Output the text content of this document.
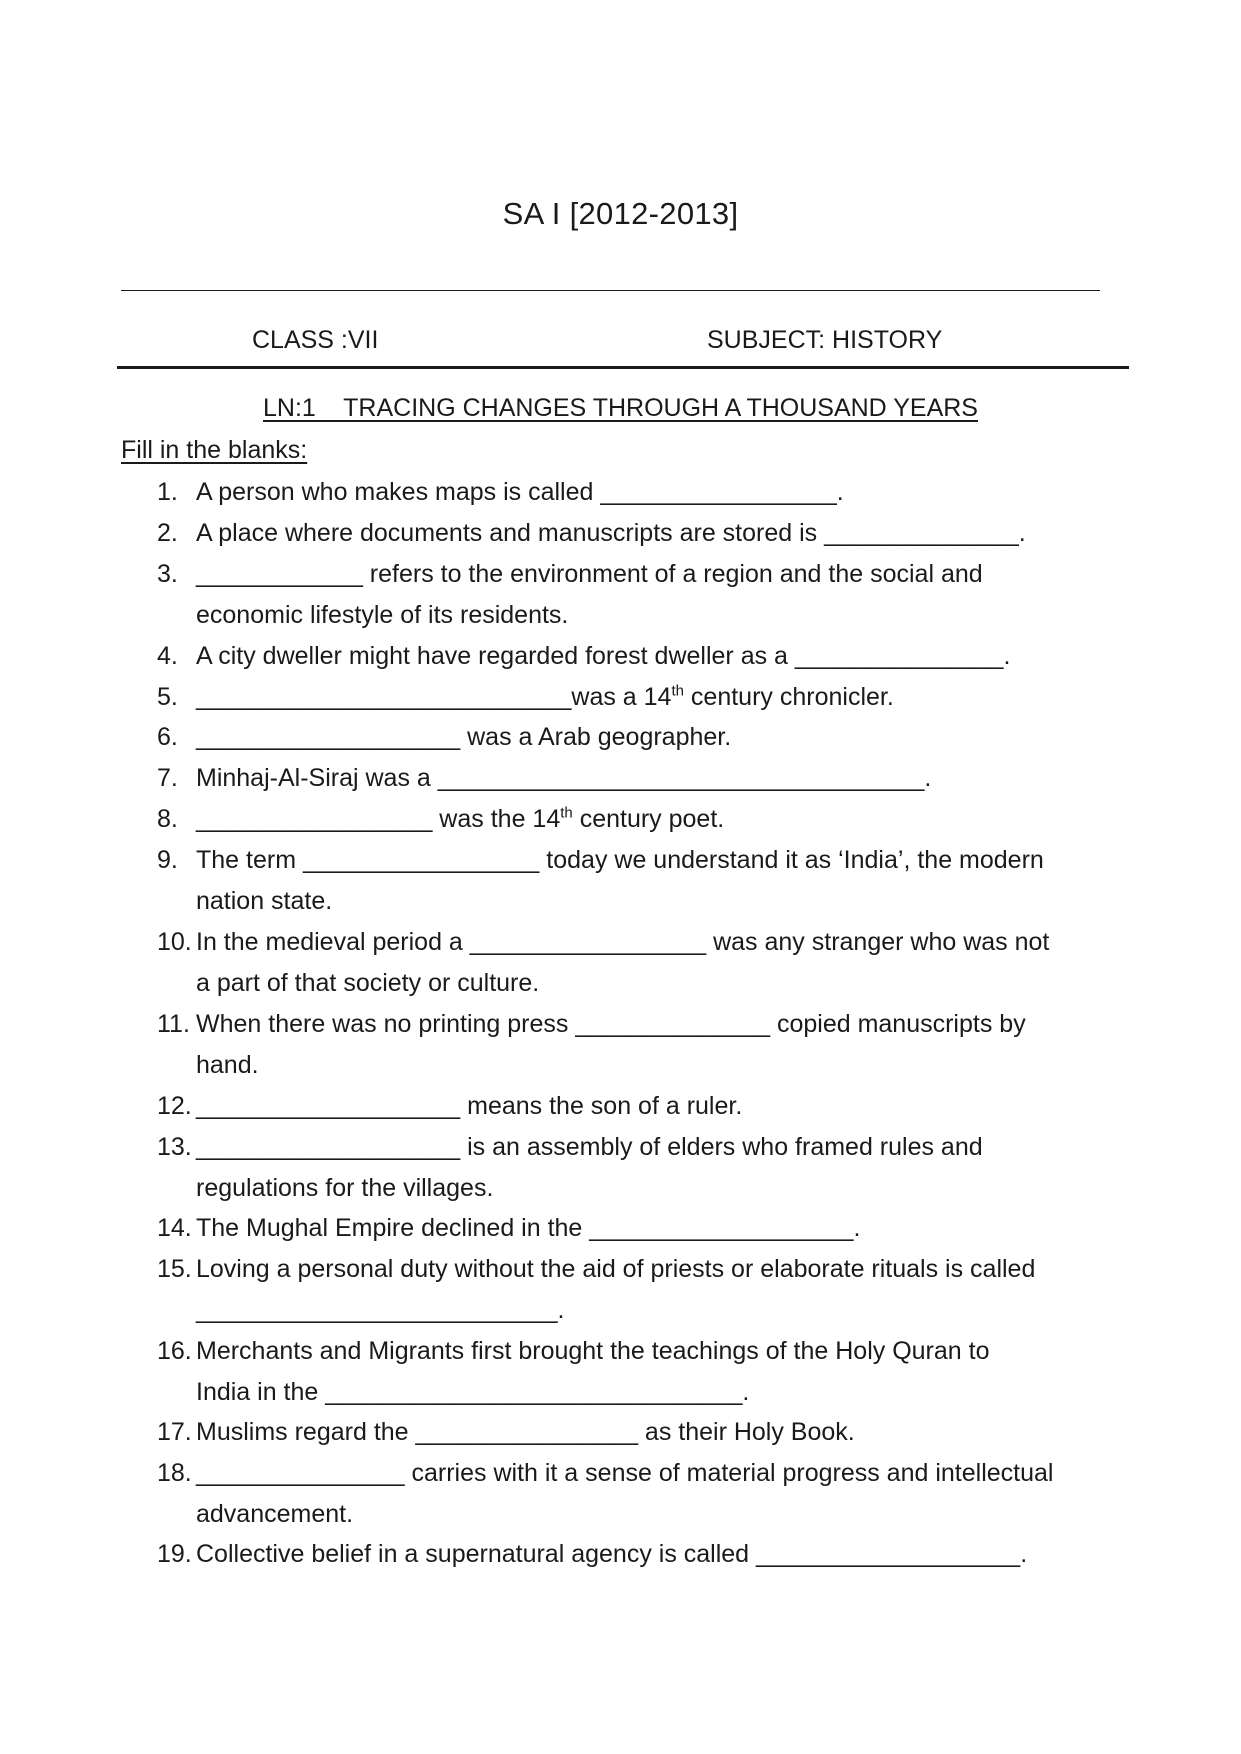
SA I [2012-2013]
CLASS :VII	SUBJECT: HISTORY
LN:1    TRACING CHANGES THROUGH A THOUSAND YEARS
Fill in the blanks:
1. A person who makes maps is called _________________.
2. A place where documents and manuscripts are stored is ______________.
3. ____________ refers to the environment of a region and the social and
economic lifestyle of its residents.
4. A city dweller might have regarded forest dweller as a _______________.
5. ___________________________was a 14th century chronicler.
6. ___________________ was a Arab geographer.
7. Minhaj-Al-Siraj was a ___________________________________.
8. _________________ was the 14th century poet.
9. The term _________________ today we understand it as ‘India’, the modern
nation state.
10. In the medieval period a _________________ was any stranger who was not
a part of that society or culture.
11. When there was no printing press ______________ copied manuscripts by
hand.
12. ___________________ means the son of a ruler.
13. ___________________ is an assembly of elders who framed rules and
regulations for the villages.
14. The Mughal Empire declined in the ___________________.
15. Loving a personal duty without the aid of priests or elaborate rituals is called
__________________________.
16. Merchants and Migrants first brought the teachings of the Holy Quran to
India in the ______________________________.
17. Muslims regard the ________________ as their Holy Book.
18. _______________ carries with it a sense of material progress and intellectual
advancement.
19. Collective belief in a supernatural agency is called ___________________.
